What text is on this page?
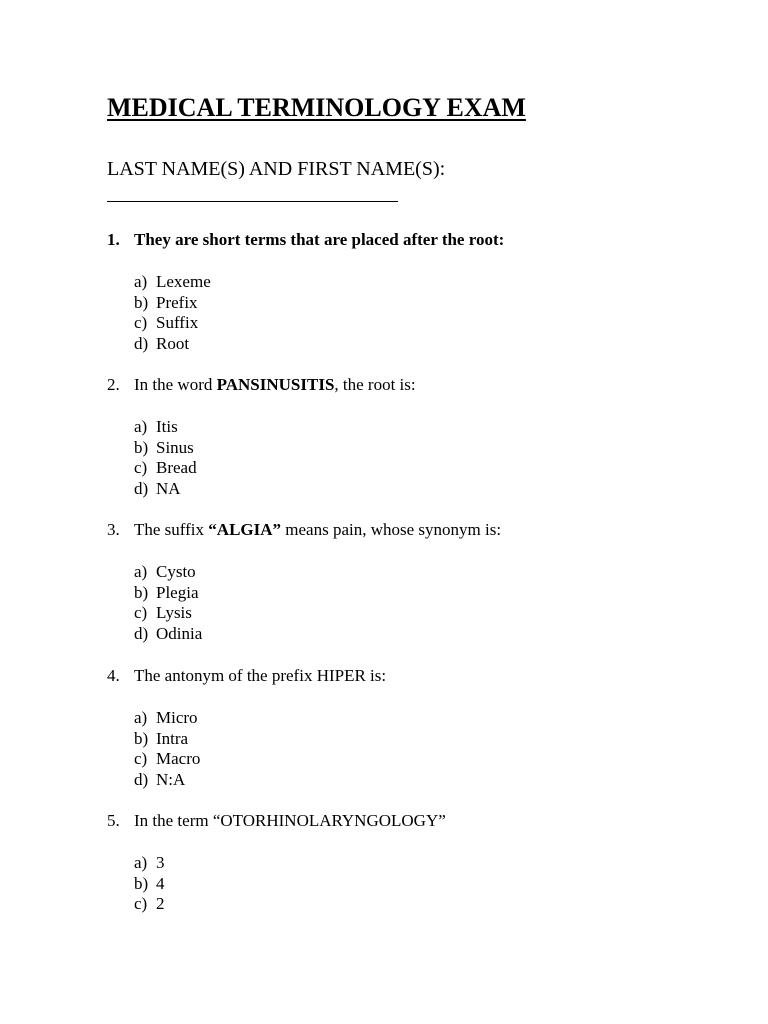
MEDICAL TERMINOLOGY EXAM
LAST NAME(S) AND FIRST NAME(S):
1. They are short terms that are placed after the root:
a) Lexeme
b) Prefix
c) Suffix
d) Root
2. In the word PANSINUSITIS, the root is:
a) Itis
b) Sinus
c) Bread
d) NA
3. The suffix “ALGIA” means pain, whose synonym is:
a) Cysto
b) Plegia
c) Lysis
d) Odinia
4. The antonym of the prefix HIPER is:
a) Micro
b) Intra
c) Macro
d) N:A
5. In the term “OTORHINOLARYNGOLOGY”
a) 3
b) 4
c) 2
